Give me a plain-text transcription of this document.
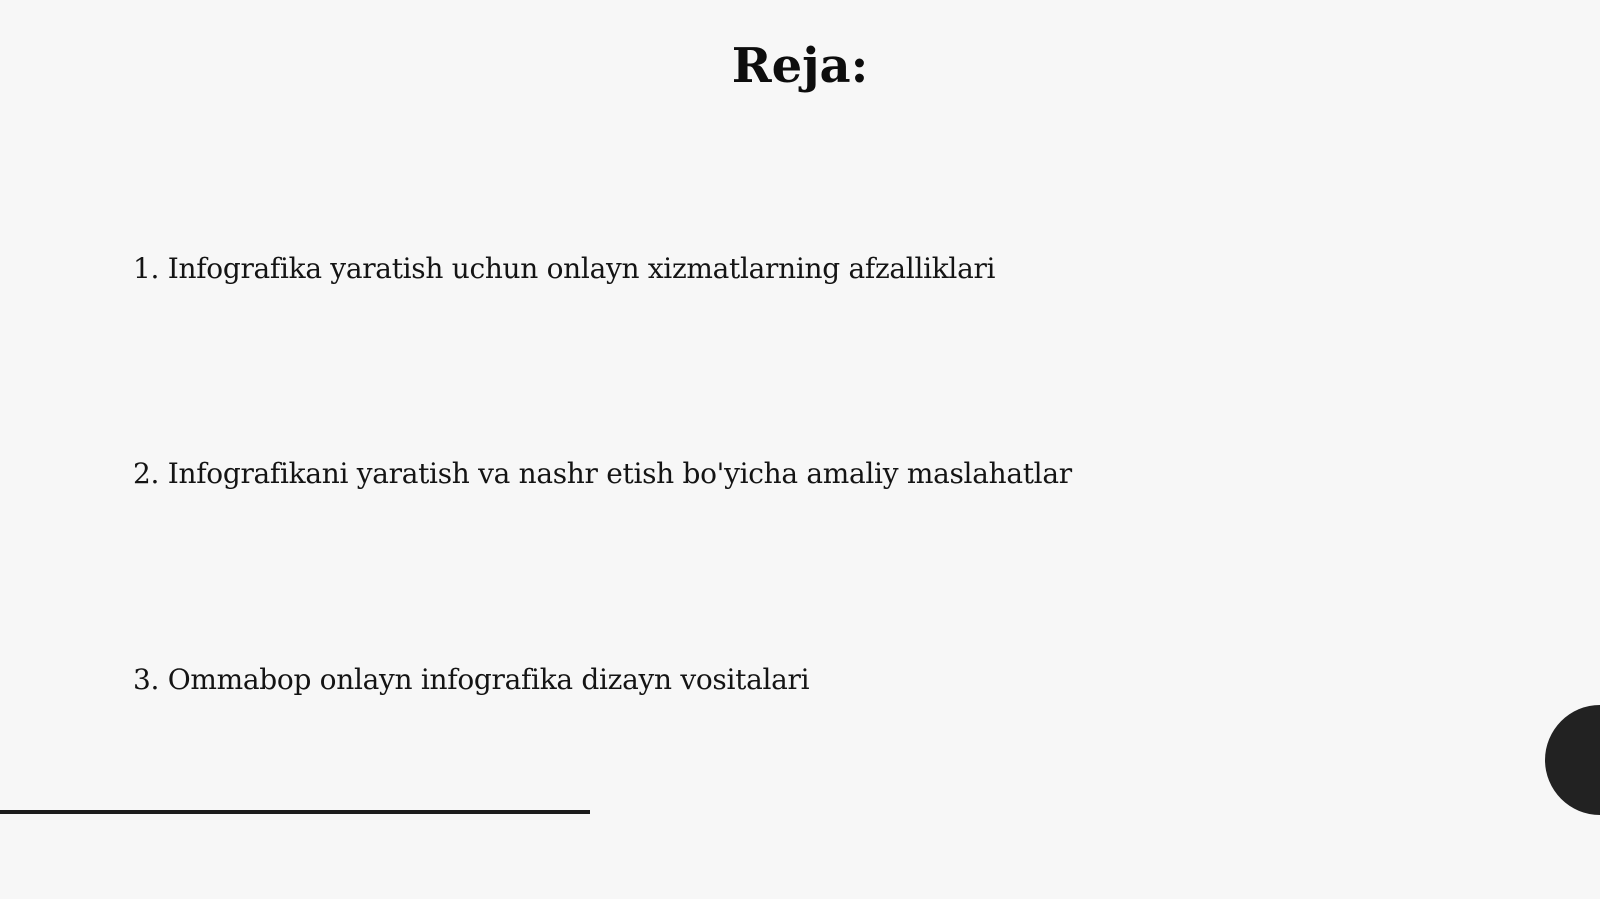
Reja:
1. Infografika yaratish uchun onlayn xizmatlarning afzalliklari
2. Infografikani yaratish va nashr etish bo'yicha amaliy maslahatlar
3. Ommabop onlayn infografika dizayn vositalari
